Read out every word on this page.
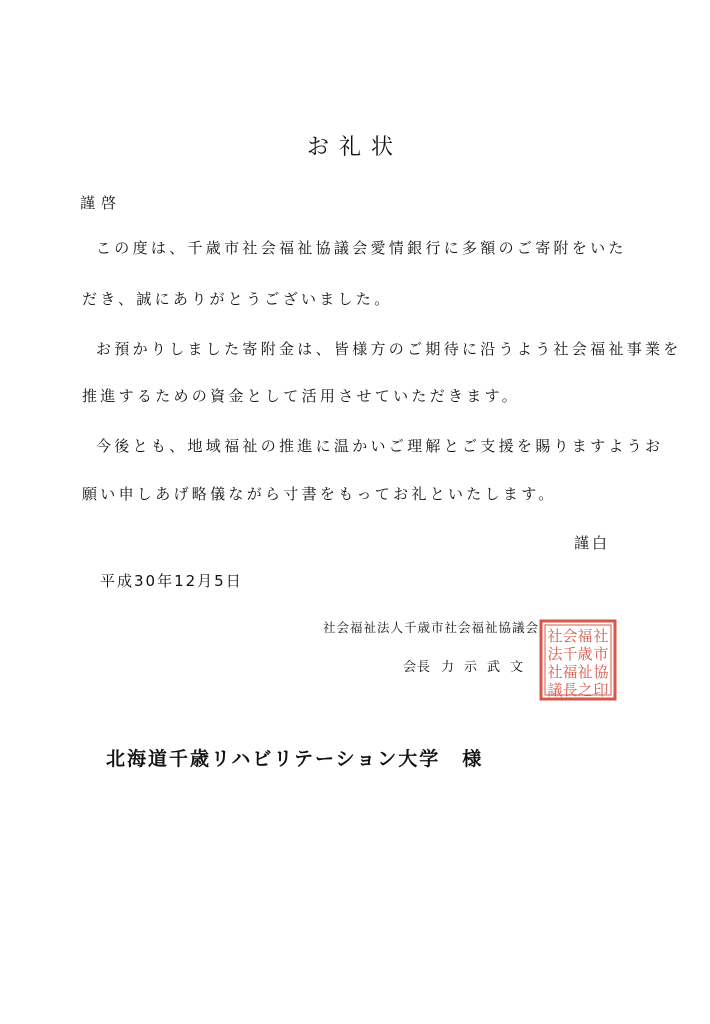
お礼状
謹啓
この度は、千歳市社会福祉協議会愛情銀行に多額のご寄附をいた
だき、誠にありがとうございました。
お預かりしました寄附金は、皆様方のご期待に沿うよう社会福祉事業を
推進するための資金として活用させていただきます。
今後とも、地域福祉の推進に温かいご理解とご支援を賜りますようお
願い申しあげ略儀ながら寸書をもってお礼といたします。
謹白
平成30年12月5日
社会福祉法人千歳市社会福祉協議会
会長 力示武文
社
市
協
印
福
歳
祉
之
会
千
福
長
社
法
社
議
北海道千歳リハビリテーション大学 様
